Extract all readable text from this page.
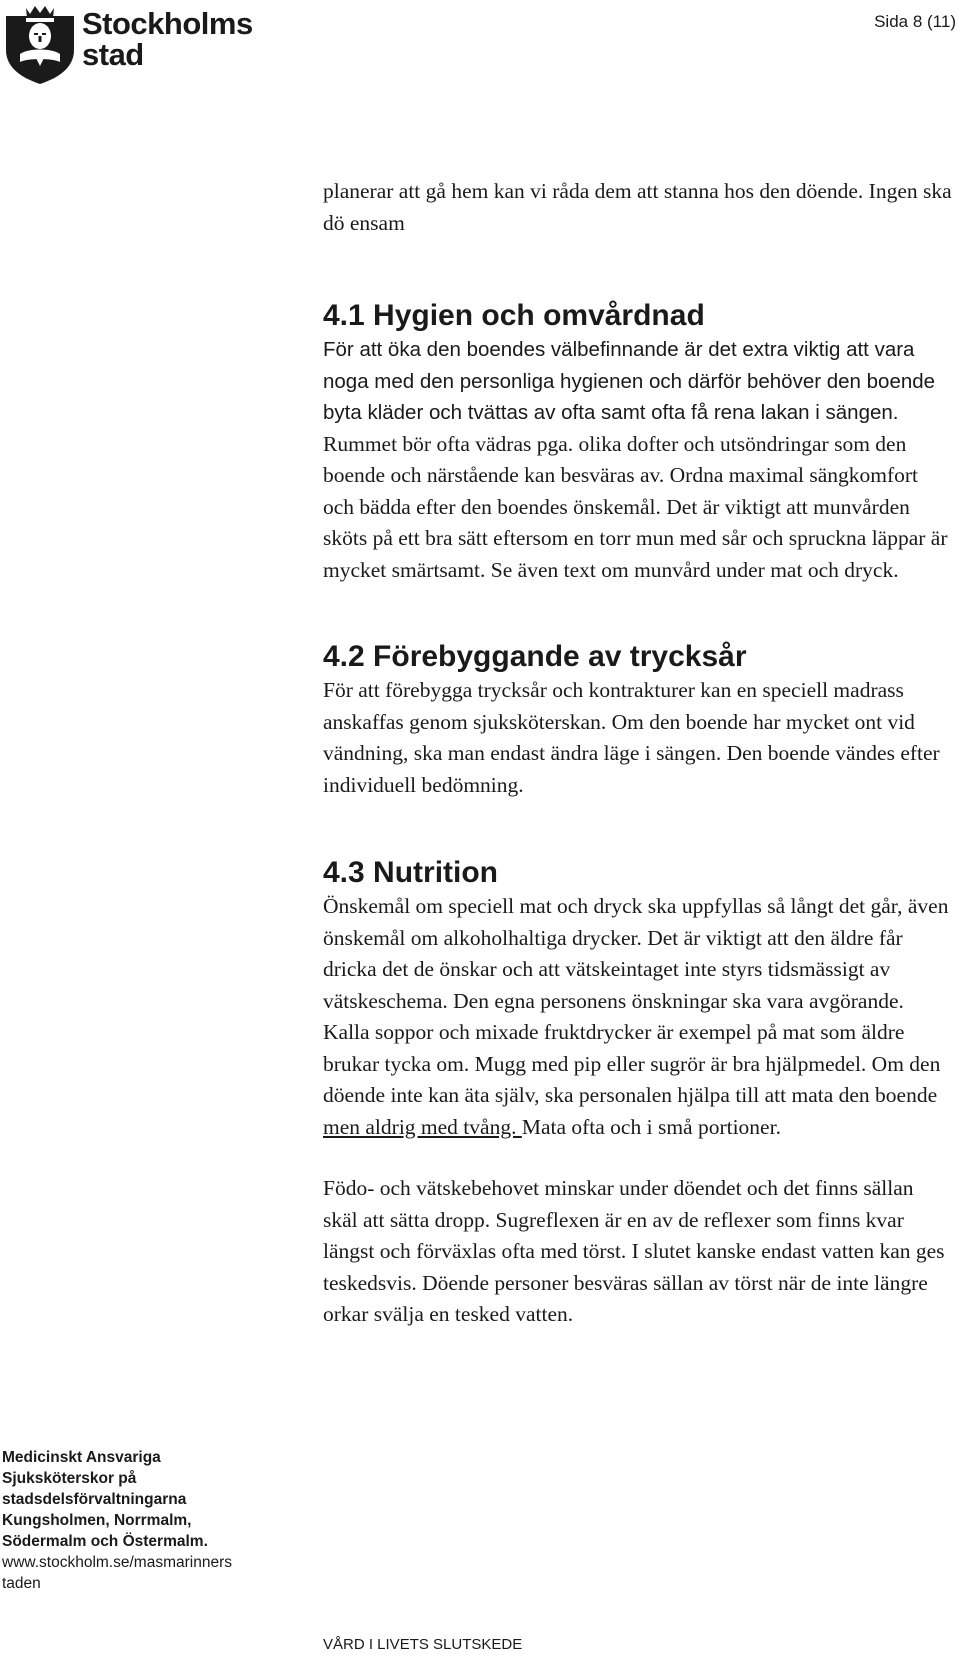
Stockholms
stad
Sida 8 (11)

planerar att gå hem kan vi råda dem att stanna hos den döende. Ingen ska dö ensam

4.1 Hygien och omvårdnad

För att öka den boendes välbefinnande är det extra viktig att vara noga med den personliga hygienen och därför behöver den boende byta kläder och tvättas av ofta samt ofta få rena lakan i sängen. Rummet bör ofta vädras pga. olika dofter och utsöndringar som den boende och närstående kan besväras av. Ordna maximal sängkomfort och bädda efter den boendes önskemål. Det är viktigt att munvården sköts på ett bra sätt eftersom en torr mun med sår och spruckna läppar är mycket smärtsamt. Se även text om munvård under mat och dryck.

4.2 Förebyggande av trycksår

För att förebygga trycksår och kontrakturer kan en speciell madrass anskaffas genom sjuksköterskan. Om den boende har mycket ont vid vändning, ska man endast ändra läge i sängen. Den boende vändes efter individuell bedömning.

4.3 Nutrition

Önskemål om speciell mat och dryck ska uppfyllas så långt det går, även önskemål om alkoholhaltiga drycker. Det är viktigt att den äldre får dricka det de önskar och att vätskeintaget inte styrs tidsmässigt av vätskeschema. Den egna personens önskningar ska vara avgörande. Kalla soppor och mixade fruktdrycker är exempel på mat som äldre brukar tycka om. Mugg med pip eller sugrör är bra hjälpmedel. Om den döende inte kan äta själv, ska personalen hjälpa till att mata den boende men aldrig med tvång. Mata ofta och i små portioner.

Födo- och vätskebehovet minskar under döendet och det finns sällan skäl att sätta dropp. Sugreflexen är en av de reflexer som finns kvar längst och förväxlas ofta med törst. I slutet kanske endast vatten kan ges teskedsvis. Döende personer besväras sällan av törst när de inte längre orkar svälja en tesked vatten.

Medicinskt Ansvariga
Sjuksköterskor på
stadsdelsförvaltningarna
Kungsholmen, Norrmalm,
Södermalm och Östermalm.
www.stockholm.se/masmarinners
taden
VÅRD I LIVETS SLUTSKEDE
